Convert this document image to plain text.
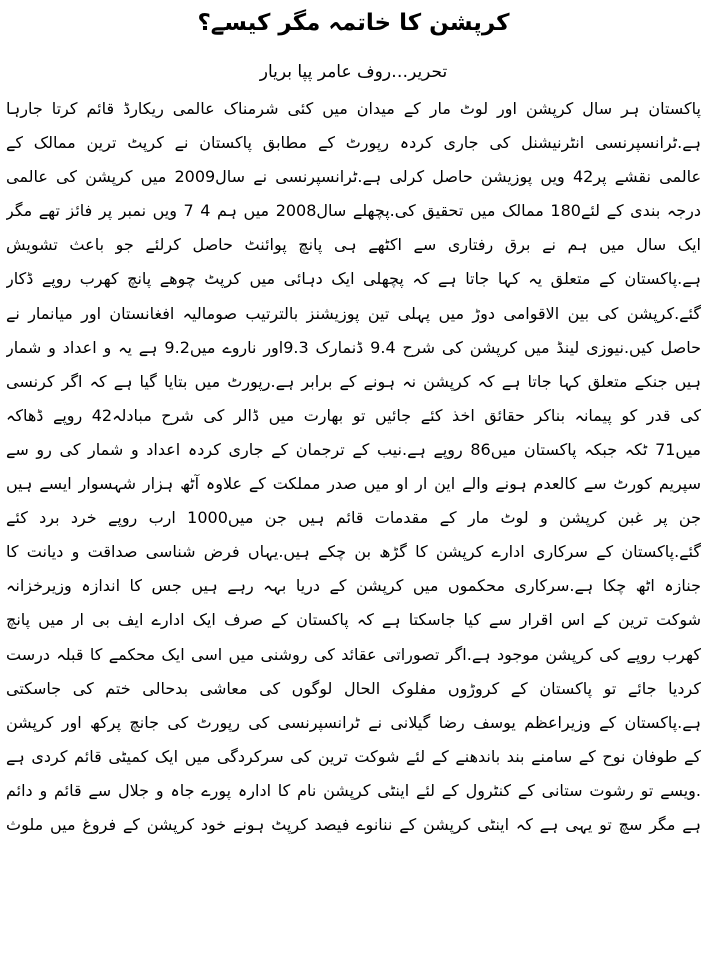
کرپشن کا خاتمہ مگر کیسے؟
تحریر…روف عامر پپا بریار
پاکستان ہر سال کرپشن اور لوٹ مار کے میدان میں کئی شرمناک عالمی ریکارڈ قائم کرتا جارہا
ہے.ٹرانسپرنسی انٹرنیشنل کی جاری کردہ رپورٹ کے مطابق پاکستان نے کرپٹ ترین ممالک کے
عالمی نقشے پر42 ویں پوزیشن حاصل کرلی ہے.ٹرانسپرنسی نے سال2009 میں کرپشن کی عالمی
درجہ بندی کے لئے180 ممالک میں تحقیق کی.پچھلے سال2008 میں ہم 4 7 ویں نمبر پر فائز تھے مگر
ایک سال میں ہم نے برق رفتاری سے اکٹھے ہی پانچ پوائنٹ حاصل کرلئے جو باعث تشویش
ہے.پاکستان کے متعلق یہ کہا جاتا ہے کہ پچھلی ایک دہائی میں کرپٹ چوھے پانچ کھرب روپے ڈکار
گئے.کرپشن کی بین الاقوامی دوڑ میں پہلی تین پوزیشنز بالترتیب صومالیہ افغانستان اور میانمار نے
حاصل کیں.نیوزی لینڈ میں کرپشن کی شرح 9.4 ڈنمارک 9.3اور ناروے میں9.2 ہے یہ و اعداد و شمار
ہیں جنکے متعلق کہا جاتا ہے کہ کرپشن نہ ہونے کے برابر ہے.رپورٹ میں بتایا گیا ہے کہ اگر کرنسی
کی قدر کو پیمانہ بناکر حقائق اخذ کئے جائیں تو بھارت میں ڈالر کی شرح مبادلہ42 روپے ڈھاکہ
میں71 ٹکہ جبکہ پاکستان میں86 روپے ہے.نیب کے ترجمان کے جاری کردہ اعداد و شمار کی رو سے
سپریم کورٹ سے کالعدم ہونے والے این ار او میں صدر مملکت کے علاوہ آٹھ ہزار شہسوار ایسے ہیں
جن پر غبن کرپشن و لوٹ مار کے مقدمات قائم ہیں جن میں1000 ارب روپے خرد برد کئے
گئے.پاکستان کے سرکاری ادارے کرپشن کا گڑھ بن چکے ہیں.یہاں فرض شناسی صداقت و دیانت کا
جنازہ اٹھ چکا ہے.سرکاری محکموں میں کرپشن کے دریا بہہ رہے ہیں جس کا اندازہ وزیرخزانہ
شوکت ترین کے اس اقرار سے کیا جاسکتا ہے کہ پاکستان کے صرف ایک ادارے ایف بی ار میں پانچ
کھرب روپے کی کرپشن موجود ہے.اگر تصوراتی عقائد کی روشنی میں اسی ایک محکمے کا قبلہ درست
کردیا جائے تو پاکستان کے کروڑوں مفلوک الحال لوگوں کی معاشی بدحالی ختم کی جاسکتی
ہے.پاکستان کے وزیراعظم یوسف رضا گیلانی نے ٹرانسپرنسی کی رپورٹ کی جانچ پرکھ اور کرپشن
کے طوفان نوح کے سامنے بند باندھنے کے لئے شوکت ترین کی سرکردگی میں ایک کمیٹی قائم کردی ہے
.ویسے تو رشوت ستانی کے کنٹرول کے لئے اینٹی کرپشن نام کا ادارہ پورے جاہ و جلال سے قائم و دائم
ہے مگر سچ تو یہی ہے کہ اینٹی کرپشن کے ننانوے فیصد کرپٹ ہونے خود کرپشن کے فروغ میں ملوث
